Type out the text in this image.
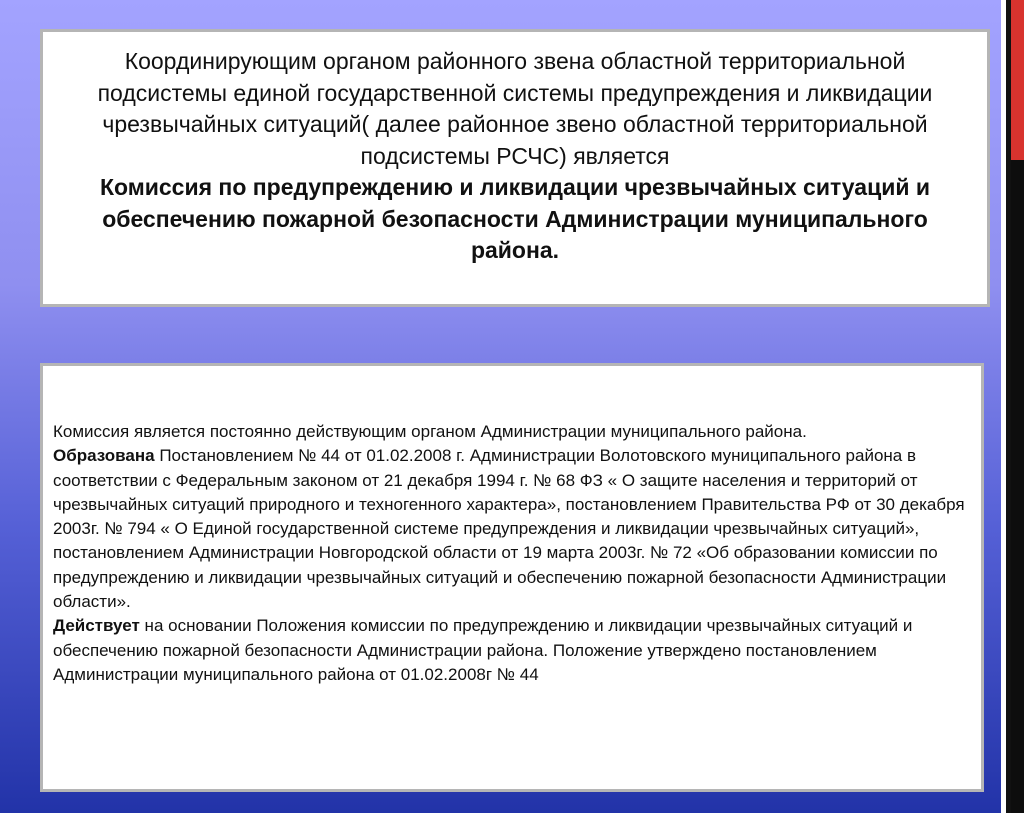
Координирующим органом районного звена областной территориальной подсистемы единой государственной системы предупреждения и ликвидации чрезвычайных ситуаций( далее районное звено областной территориальной подсистемы РСЧС) является
Комиссия по предупреждению и ликвидации чрезвычайных ситуаций и обеспечению пожарной безопасности Администрации муниципального района.

Комиссия является постоянно действующим органом Администрации муниципального района.

Образована Постановлением № 44 от 01.02.2008 г. Администрации Волотовского муниципального района в соответствии с Федеральным законом от 21 декабря 1994 г. № 68 ФЗ « О защите населения и территорий от чрезвычайных ситуаций природного и техногенного характера», постановлением Правительства РФ от 30 декабря 2003г. № 794 « О Единой государственной системе предупреждения и ликвидации чрезвычайных ситуаций», постановлением Администрации Новгородской области от 19 марта 2003г. № 72 «Об образовании комиссии по предупреждению и ликвидации чрезвычайных ситуаций и обеспечению пожарной безопасности Администрации области».

Действует на основании Положения комиссии по предупреждению и ликвидации чрезвычайных ситуаций и обеспечению пожарной безопасности Администрации района. Положение утверждено постановлением Администрации муниципального района от 01.02.2008г № 44
